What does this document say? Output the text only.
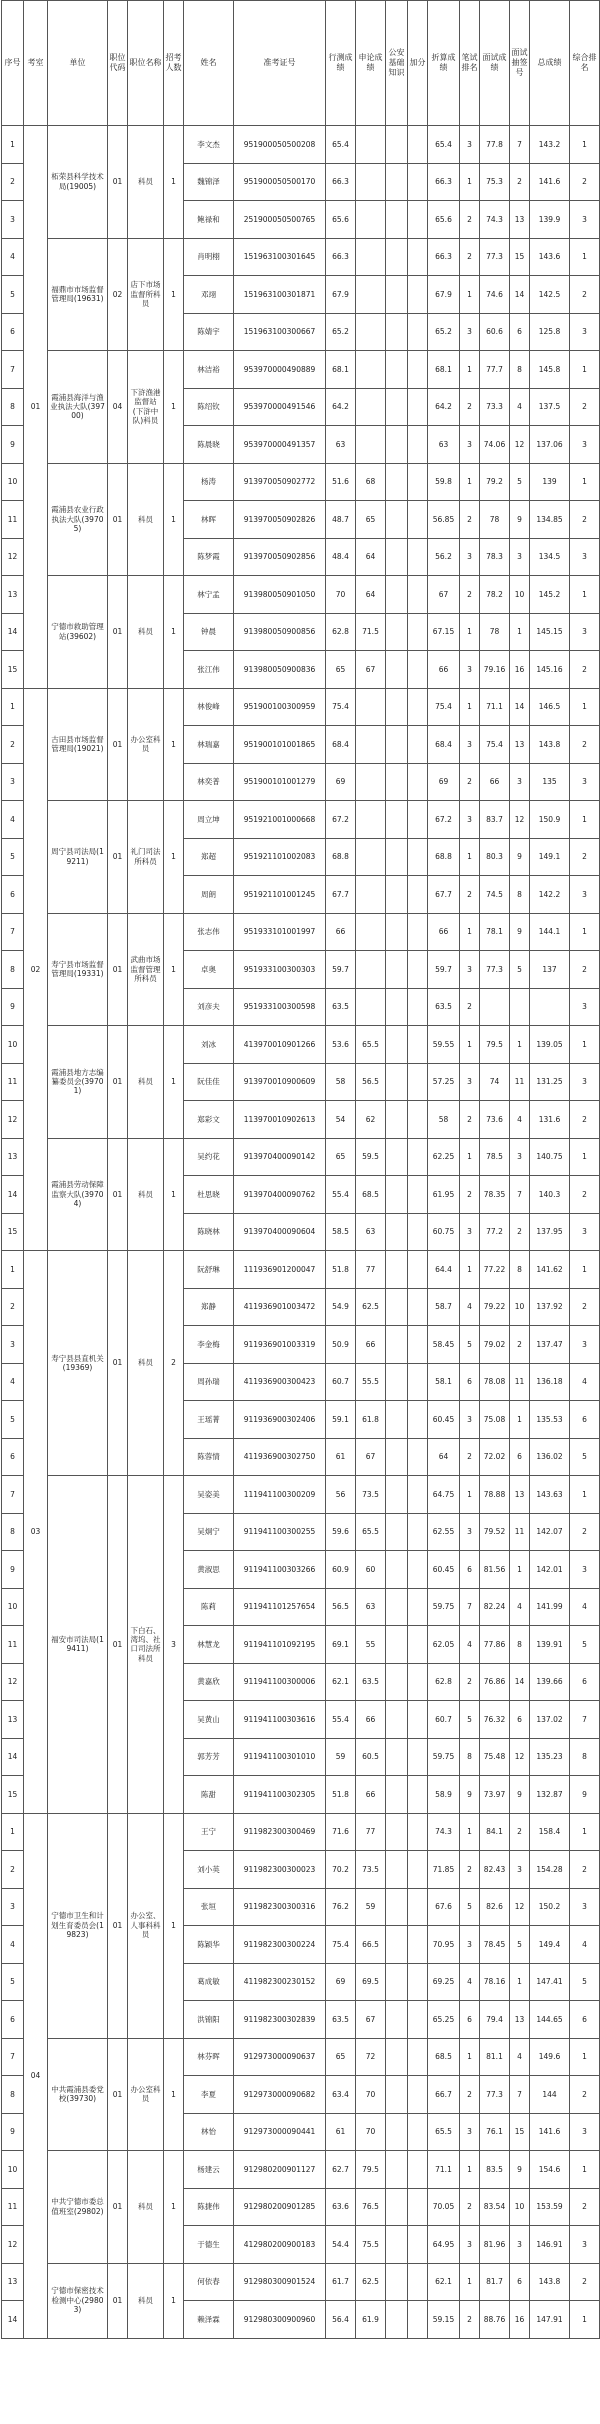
序号	考室	单位	职位代码	职位名称	招考人数	姓名	准考证号	行测成绩	申论成绩	公安基础知识	加分	折算成绩	笔试排名	面试成绩	面试抽签号	总成绩	综合排名
1	01	柘荣县科学技术局(19005)	01	科员	1	李文杰	951900050500208	65.4				65.4	3	77.8	7	143.2	1
2						魏锦泽	951900050500170	66.3				66.3	1	75.3	2	141.6	2
3						鲍禄和	251900050500765	65.6				65.6	2	74.3	13	139.9	3
4		福鼎市市场监督管理局(19631)	02	店下市场监督所科员	1	肖明栩	151963100301645	66.3				66.3	2	77.3	15	143.6	1
5						邓翊	151963100301871	67.9				67.9	1	74.6	14	142.5	2
6						陈婧宇	151963100300667	65.2				65.2	3	60.6	6	125.8	3
7		霞浦县海洋与渔业执法大队(39700)	04	下浒渔港监督站(下浒中队)科员	1	林洁裕	953970000490889	68.1				68.1	1	77.7	8	145.8	1
8						陈绍钦	953970000491546	64.2				64.2	2	73.3	4	137.5	2
9						陈晨晓	953970000491357	63				63	3	74.06	12	137.06	3
10		霞浦县农业行政执法大队(39705)	01	科员	1	杨涛	913970050902772	51.6	68			59.8	1	79.2	5	139	1
11						林晖	913970050902826	48.7	65			56.85	2	78	9	134.85	2
12						陈梦霞	913970050902856	48.4	64			56.2	3	78.3	3	134.5	3
13		宁德市救助管理站(39602)	01	科员	1	林宁孟	913980050901050	70	64			67	2	78.2	10	145.2	1
14						钟晨	913980050900856	62.8	71.5			67.15	1	78	1	145.15	3
15						张江伟	913980050900836	65	67			66	3	79.16	16	145.16	2
1	02	古田县市场监督管理局(19021)	01	办公室科员	1	林俊峰	951900100300959	75.4				75.4	1	71.1	14	146.5	1
2						林瑞嘉	951900101001865	68.4				68.4	3	75.4	13	143.8	2
3						林奕普	951900101001279	69				69	2	66	3	135	3
4		周宁县司法局(19211)	01	礼门司法所科员	1	周立坤	951921001000668	67.2				67.2	3	83.7	12	150.9	1
5						郑超	951921101002083	68.8				68.8	1	80.3	9	149.1	2
6						周朗	951921101001245	67.7				67.7	2	74.5	8	142.2	3
7		寿宁县市场监督管理局(19331)	01	武曲市场监督管理所科员	1	张志伟	951933101001997	66				66	1	78.1	9	144.1	1
8						卓奥	951933100300303	59.7				59.7	3	77.3	5	137	2
9						刘彦夫	951933100300598	63.5				63.5	2				3
10		霞浦县地方志编纂委员会(39701)	01	科员	1	刘冰	413970010901266	53.6	65.5			59.55	1	79.5	1	139.05	1
11						阮佳佳	913970010900609	58	56.5			57.25	3	74	11	131.25	3
12						郑彩文	113970010902613	54	62			58	2	73.6	4	131.6	2
13		霞浦县劳动保障监察大队(39704)	01	科员	1	吴约花	913970400090142	65	59.5			62.25	1	78.5	3	140.75	1
14						杜思晓	913970400090762	55.4	68.5			61.95	2	78.35	7	140.3	2
15						陈晓林	913970400090604	58.5	63			60.75	3	77.2	2	137.95	3
1	03	寿宁县县直机关(19369)	01	科员	2	阮舒琳	111936901200047	51.8	77			64.4	1	77.22	8	141.62	1
2						郑静	411936901003472	54.9	62.5			58.7	4	79.22	10	137.92	2
3						李金梅	911936901003319	50.9	66			58.45	5	79.02	2	137.47	3
4						周孙瑞	411936900300423	60.7	55.5			58.1	6	78.08	11	136.18	4
5						王瑶菁	911936900302406	59.1	61.8			60.45	3	75.08	1	135.53	6
6						陈蓉情	411936900302750	61	67			64	2	72.02	6	136.02	5
7		福安市司法局(19411)	01	下白石、湾坞、社口司法所科员	3	吴姿美	111941100300209	56	73.5			64.75	1	78.88	13	143.63	1
8						吴炯宁	911941100300255	59.6	65.5			62.55	3	79.52	11	142.07	2
9						黄淑思	911941100303266	60.9	60			60.45	6	81.56	1	142.01	3
10						陈莉	911941101257654	56.5	63			59.75	7	82.24	4	141.99	4
11						林慧龙	911941101092195	69.1	55			62.05	4	77.86	8	139.91	5
12						黄嘉欣	911941100300006	62.1	63.5			62.8	2	76.86	14	139.66	6
13						吴黄山	911941100303616	55.4	66			60.7	5	76.32	6	137.02	7
14						郭芳芳	911941100301010	59	60.5			59.75	8	75.48	12	135.23	8
15						陈甜	911941100302305	51.8	66			58.9	9	73.97	9	132.87	9
1	04	宁德市卫生和计划生育委员会(19823)	01	办公室、人事科科员	1	王宁	911982300300469	71.6	77			74.3	1	84.1	2	158.4	1
2						刘小英	911982300300023	70.2	73.5			71.85	2	82.43	3	154.28	2
3						张垣	911982300300316	76.2	59			67.6	5	82.6	12	150.2	3
4						陈颖华	911982300300224	75.4	66.5			70.95	3	78.45	5	149.4	4
5						葛成敏	411982300230152	69	69.5			69.25	4	78.16	1	147.41	5
6						洪锦阳	911982300302839	63.5	67			65.25	6	79.4	13	144.65	6
7		中共霞浦县委党校(39730)	01	办公室科员	1	林芬晖	912973000090637	65	72			68.5	1	81.1	4	149.6	1
8						李夏	912973000090682	63.4	70			66.7	2	77.3	7	144	2
9						林怡	912973000090441	61	70			65.5	3	76.1	15	141.6	3
10		中共宁德市委总值班室(29802)	01	科员	1	杨建云	912980200901127	62.7	79.5			71.1	1	83.5	9	154.6	1
11						陈捷伟	912980200901285	63.6	76.5			70.05	2	83.54	10	153.59	2
12						于德生	412980200900183	54.4	75.5			64.95	3	81.96	3	146.91	3
13		宁德市保密技术检测中心(29803)	01	科员	1	何依春	912980300901524	61.7	62.5			62.1	1	81.7	6	143.8	2
14						赖泽霖	912980300900960	56.4	61.9			59.15	2	88.76	16	147.91	1
